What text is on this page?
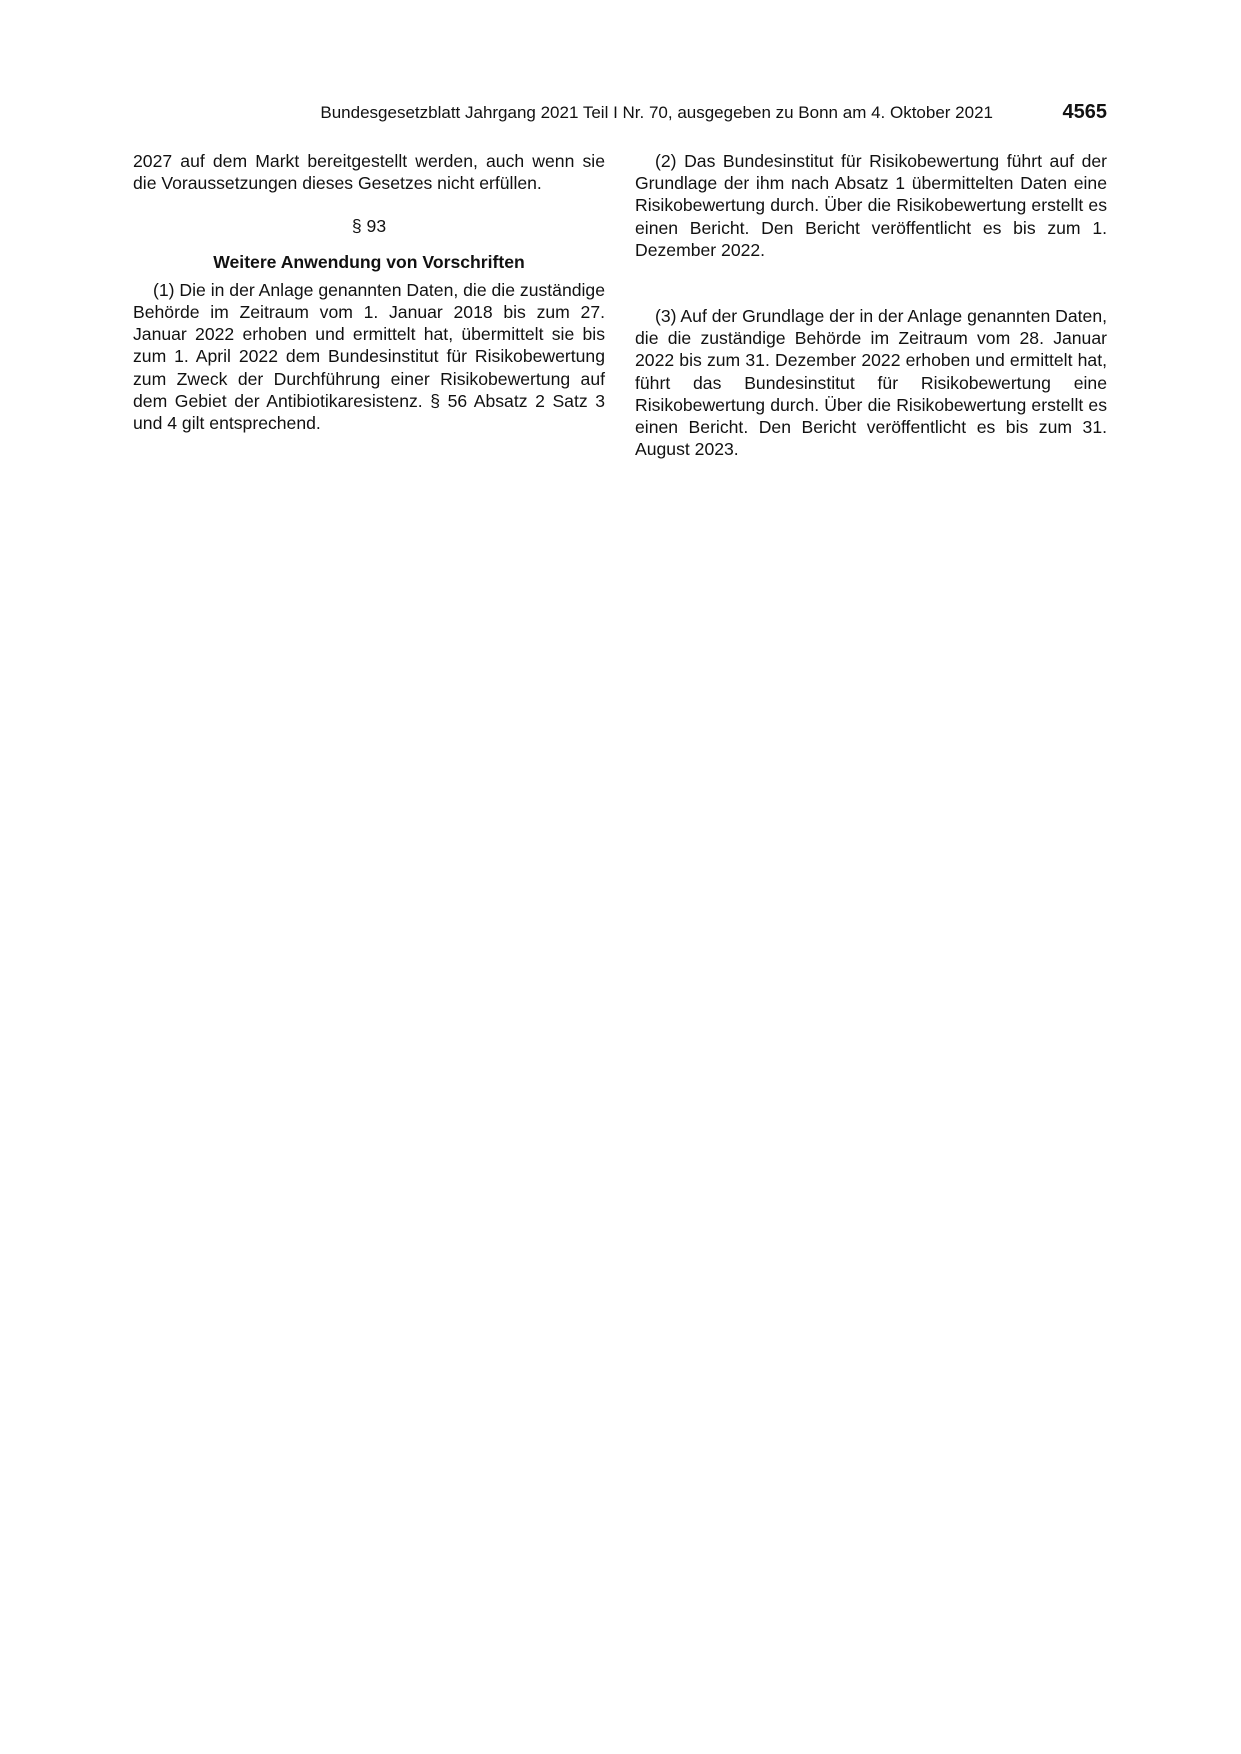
Bundesgesetzblatt Jahrgang 2021 Teil I Nr. 70, ausgegeben zu Bonn am 4. Oktober 2021	4565

2027 auf dem Markt bereitgestellt werden, auch wenn sie die Voraussetzungen dieses Gesetzes nicht erfüllen.

§ 93

Weitere Anwendung von Vorschriften

(1) Die in der Anlage genannten Daten, die die zuständige Behörde im Zeitraum vom 1. Januar 2018 bis zum 27. Januar 2022 erhoben und ermittelt hat, übermittelt sie bis zum 1. April 2022 dem Bundesinstitut für Risikobewertung zum Zweck der Durchführung einer Risikobewertung auf dem Gebiet der Antibiotikaresistenz. § 56 Absatz 2 Satz 3 und 4 gilt entsprechend.

(2) Das Bundesinstitut für Risikobewertung führt auf der Grundlage der ihm nach Absatz 1 übermittelten Daten eine Risikobewertung durch. Über die Risikobewertung erstellt es einen Bericht. Den Bericht veröffentlicht es bis zum 1. Dezember 2022.

(3) Auf der Grundlage der in der Anlage genannten Daten, die die zuständige Behörde im Zeitraum vom 28. Januar 2022 bis zum 31. Dezember 2022 erhoben und ermittelt hat, führt das Bundesinstitut für Risikobewertung eine Risikobewertung durch. Über die Risikobewertung erstellt es einen Bericht. Den Bericht veröffentlicht es bis zum 31. August 2023.
